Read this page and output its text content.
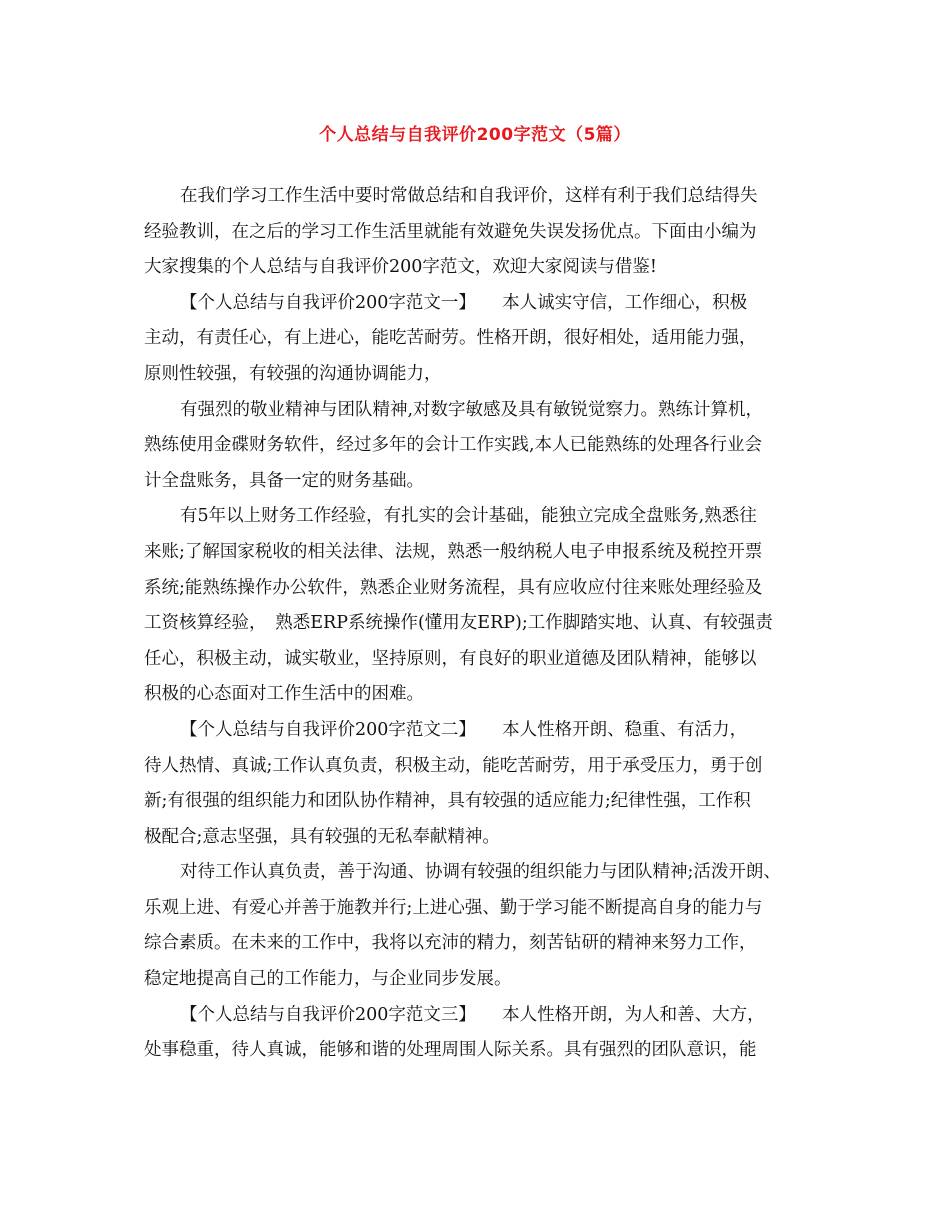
个人总结与自我评价200字范文（5篇）
在我们学习工作生活中要时常做总结和自我评价，这样有利于我们总结得失
经验教训，在之后的学习工作生活里就能有效避免失误发扬优点。下面由小编为
大家搜集的个人总结与自我评价200字范文，欢迎大家阅读与借鉴!
【个人总结与自我评价200字范文一】　　本人诚实守信，工作细心，积极
主动，有责任心，有上进心，能吃苦耐劳。性格开朗，很好相处，适用能力强，
原则性较强，有较强的沟通协调能力，
有强烈的敬业精神与团队精神,对数字敏感及具有敏锐觉察力。熟练计算机，
熟练使用金碟财务软件，经过多年的会计工作实践,本人已能熟练的处理各行业会
计全盘账务，具备一定的财务基础。
有5年以上财务工作经验，有扎实的会计基础，能独立完成全盘账务,熟悉往
来账;了解国家税收的相关法律、法规，熟悉一般纳税人电子申报系统及税控开票
系统;能熟练操作办公软件，熟悉企业财务流程，具有应收应付往来账处理经验及
工资核算经验，　熟悉ERP系统操作(懂用友ERP);工作脚踏实地、认真、有较强责
任心，积极主动，诚实敬业，坚持原则，有良好的职业道德及团队精神，能够以
积极的心态面对工作生活中的困难。
【个人总结与自我评价200字范文二】　　本人性格开朗、稳重、有活力，
待人热情、真诚;工作认真负责，积极主动，能吃苦耐劳，用于承受压力，勇于创
新;有很强的组织能力和团队协作精神，具有较强的适应能力;纪律性强，工作积
极配合;意志坚强，具有较强的无私奉献精神。
对待工作认真负责，善于沟通、协调有较强的组织能力与团队精神;活泼开朗、
乐观上进、有爱心并善于施教并行;上进心强、勤于学习能不断提高自身的能力与
综合素质。在未来的工作中，我将以充沛的精力，刻苦钻研的精神来努力工作，
稳定地提高自己的工作能力，与企业同步发展。
【个人总结与自我评价200字范文三】　　本人性格开朗，为人和善、大方，
处事稳重，待人真诚，能够和谐的处理周围人际关系。具有强烈的团队意识，能
